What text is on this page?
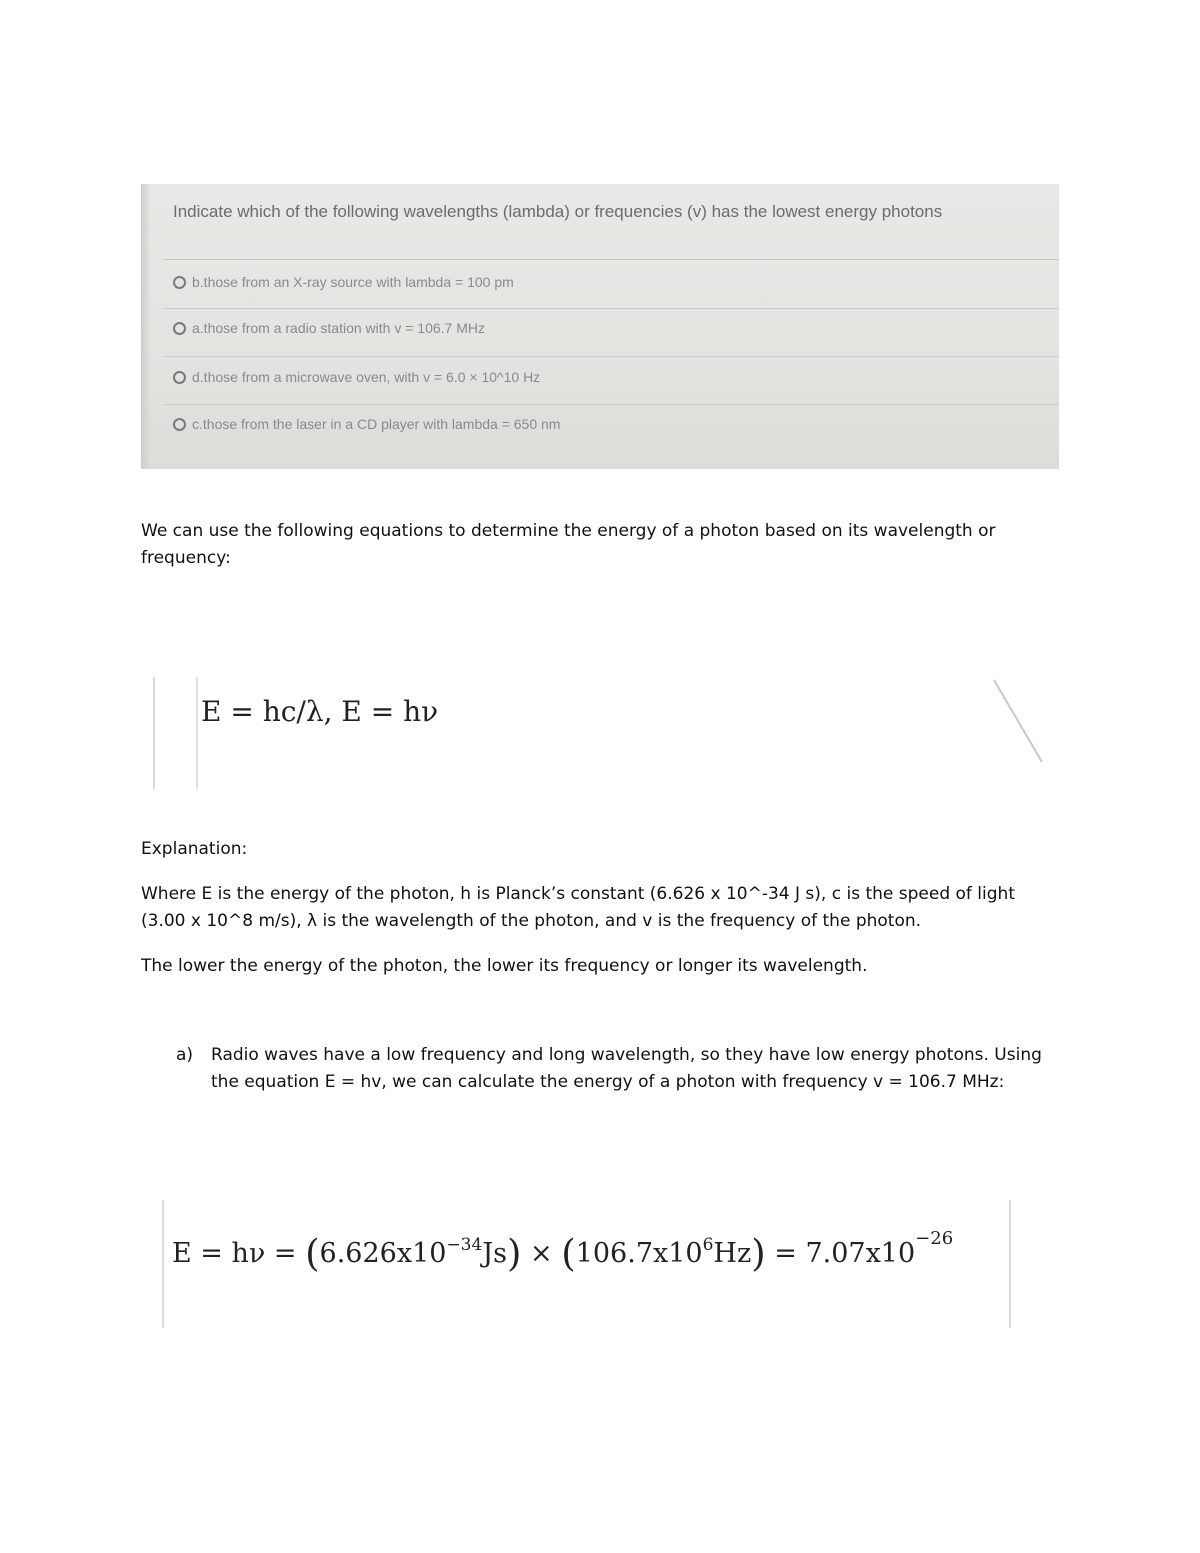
Indicate which of the following wavelengths (lambda) or frequencies (v) has the lowest energy photons
b.those from an X-ray source with lambda = 100 pm
a.those from a radio station with v = 106.7 MHz
d.those from a microwave oven, with v = 6.0 × 10^10 Hz
c.those from the laser in a CD player with lambda = 650 nm
We can use the following equations to determine the energy of a photon based on its wavelength or frequency:
E = hc/λ, E = hν
Explanation:
Where E is the energy of the photon, h is Planck’s constant (6.626 x 10^-34 J s), c is the speed of light (3.00 x 10^8 m/s), λ is the wavelength of the photon, and v is the frequency of the photon.
The lower the energy of the photon, the lower its frequency or longer its wavelength.
a) Radio waves have a low frequency and long wavelength, so they have low energy photons. Using the equation E = hv, we can calculate the energy of a photon with frequency v = 106.7 MHz:
$E = h\nu = (6.626x10^{-34}Js) \times (106.7x10^6Hz) = 7.07x10^{-26}$
